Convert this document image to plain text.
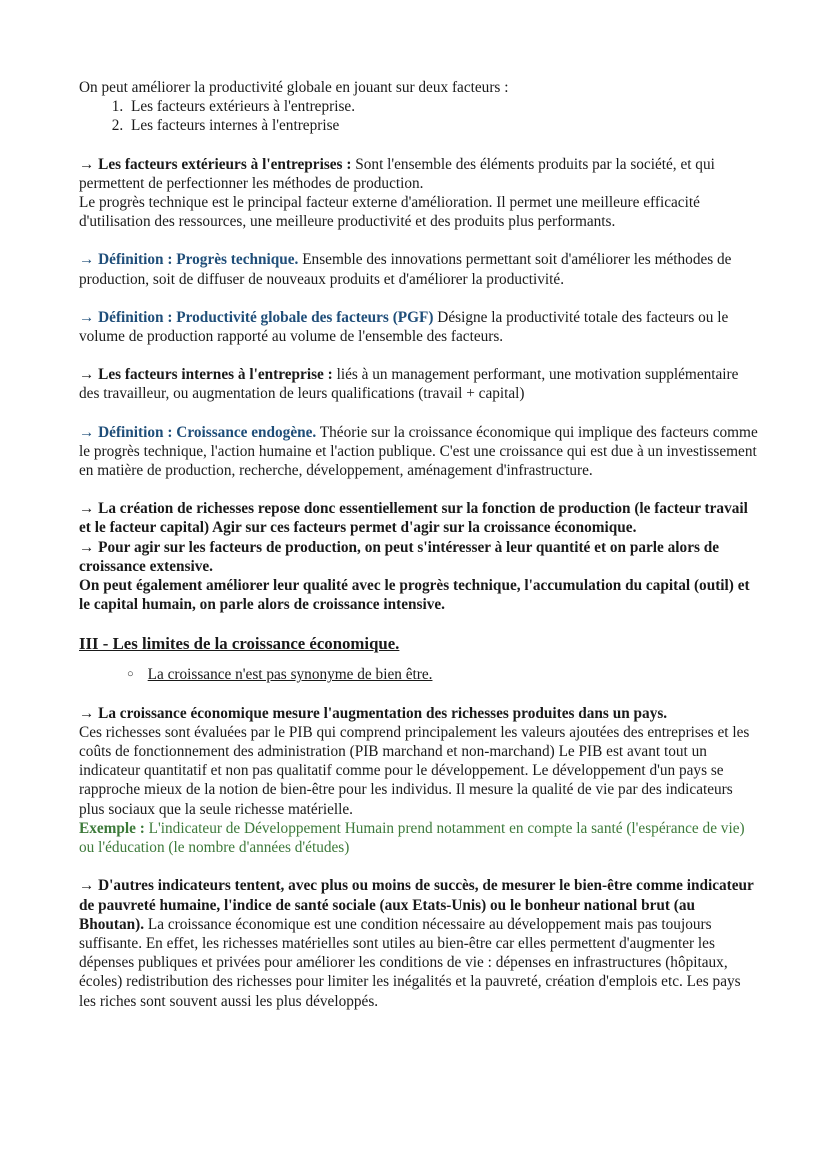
On peut améliorer la productivité globale en jouant sur deux facteurs :

1. Les facteurs extérieurs à l'entreprise.
2. Les facteurs internes à l'entreprise

→ Les facteurs extérieurs à l'entreprises : Sont l'ensemble des éléments produits par la société, et qui permettent de perfectionner les méthodes de production.

Le progrès technique est le principal facteur externe d'amélioration. Il permet une meilleure efficacité d'utilisation des ressources, une meilleure productivité et des produits plus performants.

→ Définition : Progrès technique. Ensemble des innovations permettant soit d'améliorer les méthodes de production, soit de diffuser de nouveaux produits et d'améliorer la productivité.

→ Définition : Productivité globale des facteurs (PGF) Désigne la productivité totale des facteurs ou le volume de production rapporté au volume de l'ensemble des facteurs.

→ Les facteurs internes à l'entreprise : liés à un management performant, une motivation supplémentaire des travailleur, ou augmentation de leurs qualifications (travail + capital)

→ Définition : Croissance endogène. Théorie sur la croissance économique qui implique des facteurs comme le progrès technique, l'action humaine et l'action publique. C'est une croissance qui est due à un investissement en matière de production, recherche, développement, aménagement d'infrastructure.

→ La création de richesses repose donc essentiellement sur la fonction de production (le facteur travail et le facteur capital) Agir sur ces facteurs permet d'agir sur la croissance économique.

→ Pour agir sur les facteurs de production, on peut s'intéresser à leur quantité et on parle alors de croissance extensive.

On peut également améliorer leur qualité avec le progrès technique, l'accumulation du capital (outil) et le capital humain, on parle alors de croissance intensive.

III - Les limites de la croissance économique.
○ La croissance n'est pas synonyme de bien être.

→ La croissance économique mesure l'augmentation des richesses produites dans un pays.

Ces richesses sont évaluées par le PIB qui comprend principalement les valeurs ajoutées des entreprises et les coûts de fonctionnement des administration (PIB marchand et non-marchand) Le PIB est avant tout un indicateur quantitatif et non pas qualitatif comme pour le développement. Le développement d'un pays se rapproche mieux de la notion de bien-être pour les individus. Il mesure la qualité de vie par des indicateurs plus sociaux que la seule richesse matérielle.

Exemple : L'indicateur de Développement Humain prend notamment en compte la santé (l'espérance de vie) ou l'éducation (le nombre d'années d'études)

→ D'autres indicateurs tentent, avec plus ou moins de succès, de mesurer le bien-être comme indicateur de pauvreté humaine, l'indice de santé sociale (aux Etats-Unis) ou le bonheur national brut (au Bhoutan). La croissance économique est une condition nécessaire au développement mais pas toujours suffisante. En effet, les richesses matérielles sont utiles au bien-être car elles permettent d'augmenter les dépenses publiques et privées pour améliorer les conditions de vie : dépenses en infrastructures (hôpitaux, écoles) redistribution des richesses pour limiter les inégalités et la pauvreté, création d'emplois etc. Les pays les riches sont souvent aussi les plus développés.
